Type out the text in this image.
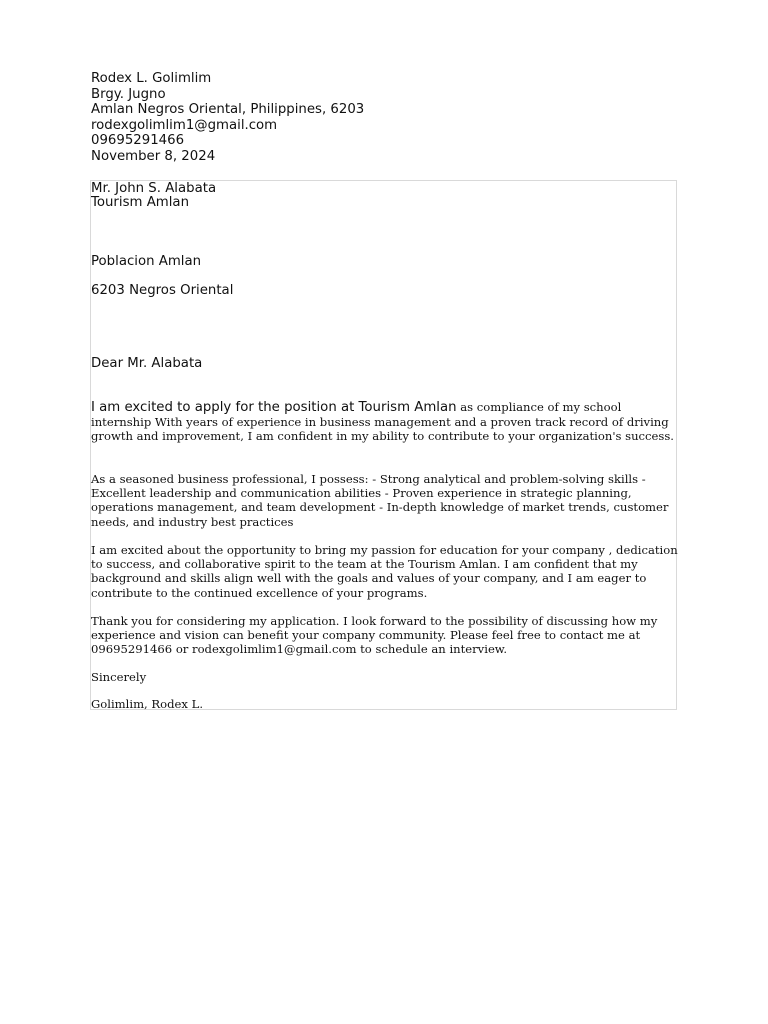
Rodex L. Golimlim
Brgy. Jugno
Amlan Negros Oriental, Philippines, 6203
rodexgolimlim1@gmail.com
09695291466
November 8, 2024
Mr. John S. Alabata
Tourism Amlan
Poblacion Amlan
6203 Negros Oriental
Dear Mr. Alabata

I am excited to apply for the position at Tourism Amlan as compliance of my school internship With years of experience in business management and a proven track record of driving growth and improvement, I am confident in my ability to contribute to your organization's success.

As a seasoned business professional, I possess: - Strong analytical and problem-solving skills - Excellent leadership and communication abilities - Proven experience in strategic planning, operations management, and team development - In-depth knowledge of market trends, customer needs, and industry best practices

I am excited about the opportunity to bring my passion for education for your company , dedication to success, and collaborative spirit to the team at the Tourism Amlan. I am confident that my background and skills align well with the goals and values of your company, and I am eager to contribute to the continued excellence of your programs.

Thank you for considering my application. I look forward to the possibility of discussing how my experience and vision can benefit your company community. Please feel free to contact me at 09695291466 or rodexgolimlim1@gmail.com to schedule an interview.

Sincerely
Golimlim, Rodex L.
